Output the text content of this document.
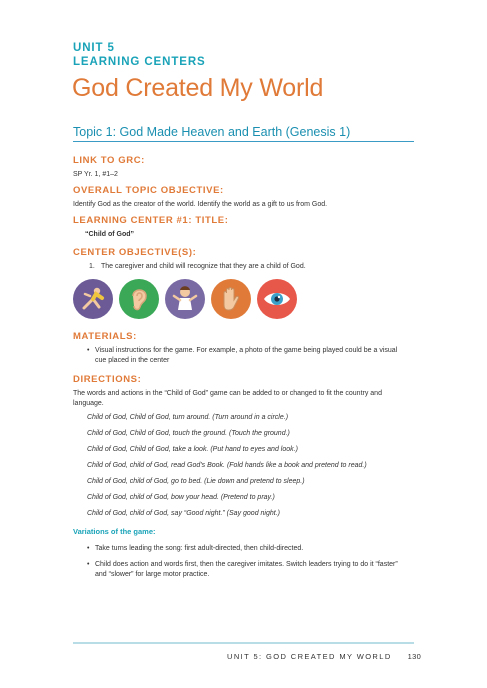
UNIT 5
LEARNING CENTERS
God Created My World
Topic 1: God Made Heaven and Earth (Genesis 1)
LINK TO GRC:
SP Yr. 1, #1–2
OVERALL TOPIC OBJECTIVE:
Identify God as the creator of the world. Identify the world as a gift to us from God.
LEARNING CENTER #1: TITLE:
“Child of God”
CENTER OBJECTIVE(S):
1. The caregiver and child will recognize that they are a child of God.
MATERIALS:
• Visual instructions for the game. For example, a photo of the game being played could be a visual
cue placed in the center
DIRECTIONS:
The words and actions in the “Child of God” game can be added to or changed to fit the country and
language.
Child of God, Child of God, turn around. (Turn around in a circle.)
Child of God, Child of God, touch the ground. (Touch the ground.)
Child of God, Child of God, take a look. (Put hand to eyes and look.)
Child of God, child of God, read God’s Book. (Fold hands like a book and pretend to read.)
Child of God, child of God, go to bed. (Lie down and pretend to sleep.)
Child of God, child of God, bow your head. (Pretend to pray.)
Child of God, child of God, say “Good night.” (Say good night.)
Variations of the game:
• Take turns leading the song: first adult-directed, then child-directed.
• Child does action and words first, then the caregiver imitates. Switch leaders trying to do it “faster”
and “slower” for large motor practice.
UNIT 5: GOD CREATED MY WORLD 130
